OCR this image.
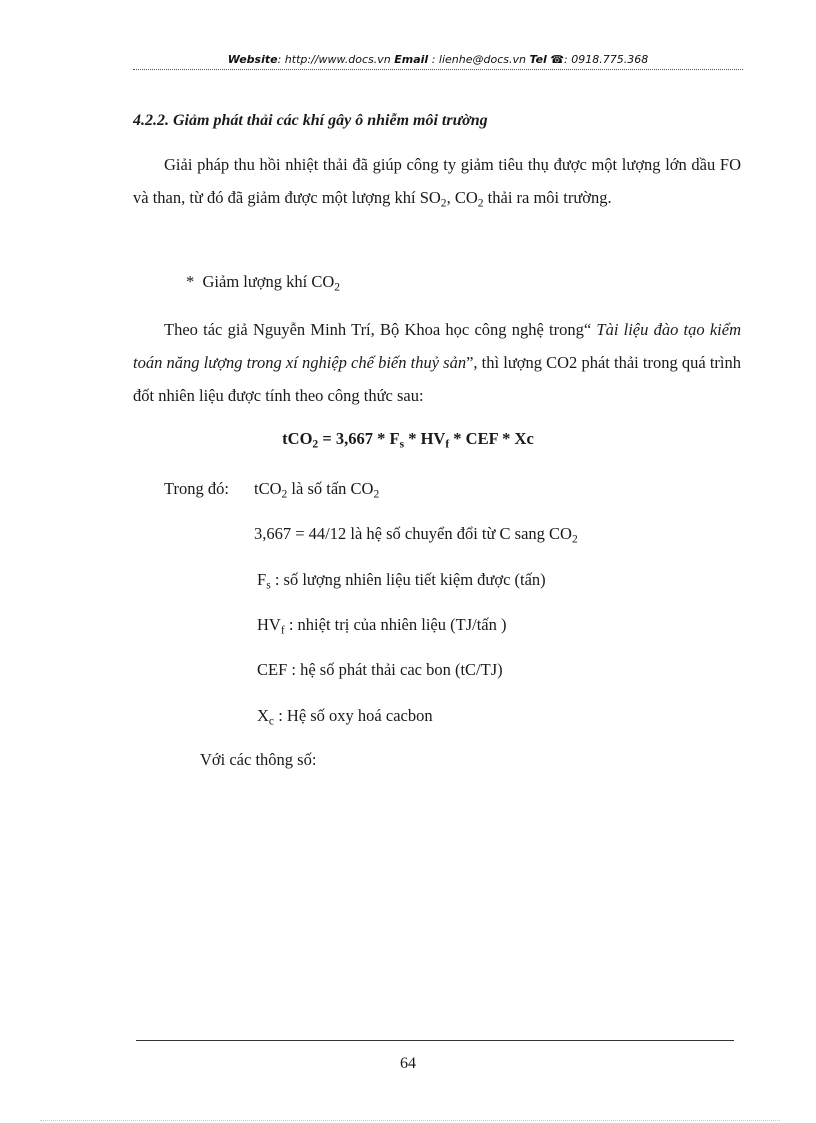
Website: http://www.docs.vn Email : lienhe@docs.vn Tel ☎: 0918.775.368
4.2.2. Giảm phát thải các khí gây ô nhiễm môi trường
Giải pháp thu hồi nhiệt thải đã giúp công ty giảm tiêu thụ được một lượng lớn dầu FO và than, từ đó đã giảm được một lượng khí $SO_2$, $CO_2$ thải ra môi trường.
* Giảm lượng khí $CO_2$
Theo tác giả Nguyễn Minh Trí, Bộ Khoa học công nghệ trong“ Tài liệu đào tạo kiểm toán năng lượng trong xí nghiệp chế biến thuỷ sản”, thì lượng CO2 phát thải trong quá trình đốt nhiên liệu được tính theo công thức sau:
$tCO_2 = 3,667 * F_s * HV_f$ * CEF * Xc
Trong đó: tCO$_2$ là số tấn $CO_2$
3,667 = 44/12 là hệ số chuyển đổi từ C sang $CO_2$
$F_s$ : số lượng nhiên liệu tiết kiệm được (tấn)
$HV_f$ : nhiệt trị của nhiên liệu (TJ/tấn )
CEF : hệ số phát thải cac bon (tC/TJ)
$X_c$ : Hệ số oxy hoá cacbon
Với các thông số:
64
